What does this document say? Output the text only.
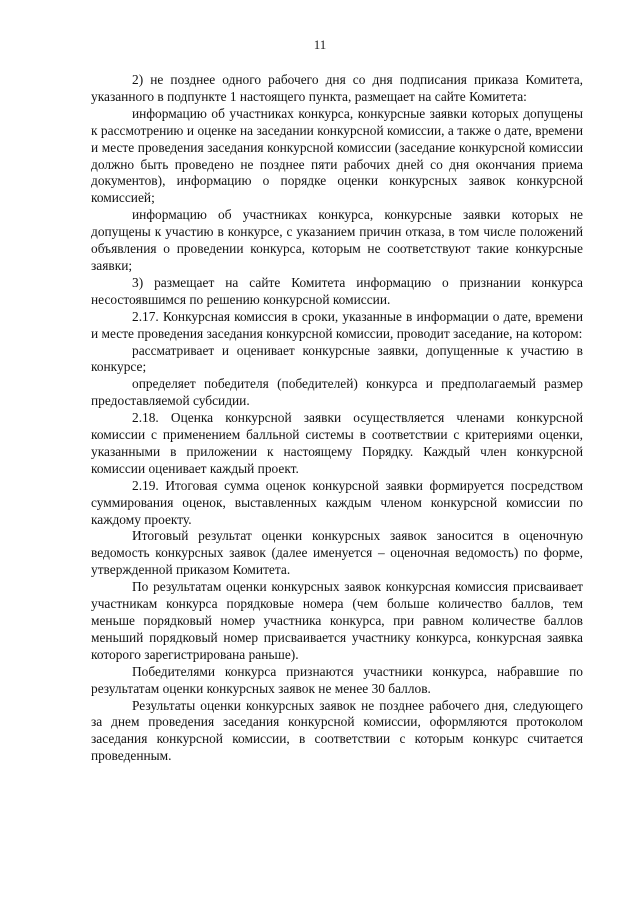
11

2) не позднее одного рабочего дня со дня подписания приказа Комитета, указанного в подпункте 1 настоящего пункта, размещает на сайте Комитета:

информацию об участниках конкурса, конкурсные заявки которых допущены к рассмотрению и оценке на заседании конкурсной комиссии, а также о дате, времени и месте проведения заседания конкурсной комиссии (заседание конкурсной комиссии должно быть проведено не позднее пяти рабочих дней со дня окончания приема документов), информацию о порядке оценки конкурсных заявок конкурсной комиссией;

информацию об участниках конкурса, конкурсные заявки которых не допущены к участию в конкурсе, с указанием причин отказа, в том числе положений объявления о проведении конкурса, которым не соответствуют такие конкурсные заявки;

3) размещает на сайте Комитета информацию о признании конкурса несостоявшимся по решению конкурсной комиссии.

2.17. Конкурсная комиссия в сроки, указанные в информации о дате, времени и месте проведения заседания конкурсной комиссии, проводит заседание, на котором:

рассматривает и оценивает конкурсные заявки, допущенные к участию в конкурсе;

определяет победителя (победителей) конкурса и предполагаемый размер предоставляемой субсидии.

2.18. Оценка конкурсной заявки осуществляется членами конкурсной комиссии с применением балльной системы в соответствии с критериями оценки, указанными в приложении к настоящему Порядку. Каждый член конкурсной комиссии оценивает каждый проект.

2.19. Итоговая сумма оценок конкурсной заявки формируется посредством суммирования оценок, выставленных каждым членом конкурсной комиссии по каждому проекту.

Итоговый результат оценки конкурсных заявок заносится в оценочную ведомость конкурсных заявок (далее именуется – оценочная ведомость) по форме, утвержденной приказом Комитета.

По результатам оценки конкурсных заявок конкурсная комиссия присваивает участникам конкурса порядковые номера (чем больше количество баллов, тем меньше порядковый номер участника конкурса, при равном количестве баллов меньший порядковый номер присваивается участнику конкурса, конкурсная заявка которого зарегистрирована раньше).

Победителями конкурса признаются участники конкурса, набравшие по результатам оценки конкурсных заявок не менее 30 баллов.

Результаты оценки конкурсных заявок не позднее рабочего дня, следующего за днем проведения заседания конкурсной комиссии, оформляются протоколом заседания конкурсной комиссии, в соответствии с которым конкурс считается проведенным.
